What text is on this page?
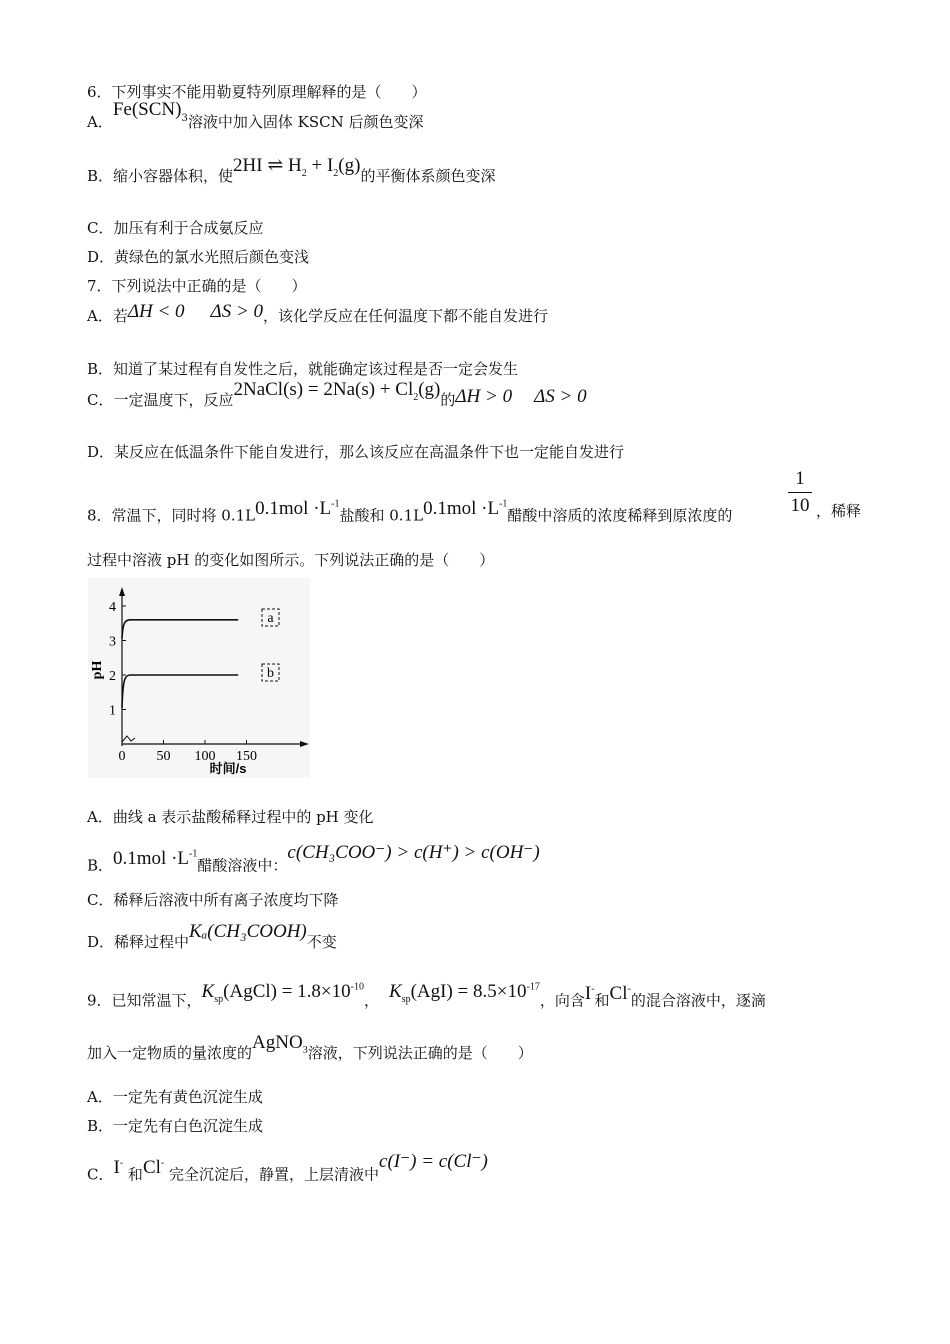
6．下列事实不能用勒夏特列原理解释的是（　　）
A．$Fe(SCN)_3$溶液中加入固体 KSCN 后颜色变深
B．缩小容器体积，使2HI ⇌ $H_2 + I_2(g)$的平衡体系颜色变深
C．加压有利于合成氨反应
D．黄绿色的氯水光照后颜色变浅
7．下列说法中正确的是（　　）
A．若ΔH < 0 ΔS > 0，该化学反应在任何温度下都不能自发进行
B．知道了某过程有自发性之后，就能确定该过程是否一定会发生
C．一定温度下，反应2NaCl(s) = $2Na(s) + Cl_2(g)$的ΔH > 0 ΔS > 0
D．某反应在低温条件下能自发进行，那么该反应在高温条件下也一定能自发进行
8．常温下，同时将 $0.1L0.1mol \cdot L^{-1}$盐酸和 $0.1L0.1mol \cdot L^{-1}$醋酸中溶质的浓度稀释到原浓度的
1
10 ，稀释
过程中溶液 pH 的变化如图所示。下列说法正确的是（　　）
1
2
3
4
0 50 100 150
a
b
pH
时间/s
A．曲线 a 表示盐酸稀释过程中的 pH 变化
B．$0.1mol \cdot L^{-1}$醋酸溶液中：c(CH₃COO⁻) > c(H⁺) > c(OH⁻)
C．稀释后溶液中所有离子浓度均下降
D．稀释过程中Kₐ(CH₃COOH)不变
9．已知常温下，$K_{sp}(AgCl) = 1.8\times 10^{-10}$， $K_{sp}(AgI) = 8.5\times 10^{-17}$，向含I-和Cl-的混合溶液中，逐滴
加入一定物质的量浓度的AgNO$_3$溶液，下列说法正确的是（　　）
A．一定先有黄色沉淀生成
B．一定先有白色沉淀生成
C．I- 和Cl- 完全沉淀后，静置，上层清液中c(I⁻) = c(Cl⁻)
